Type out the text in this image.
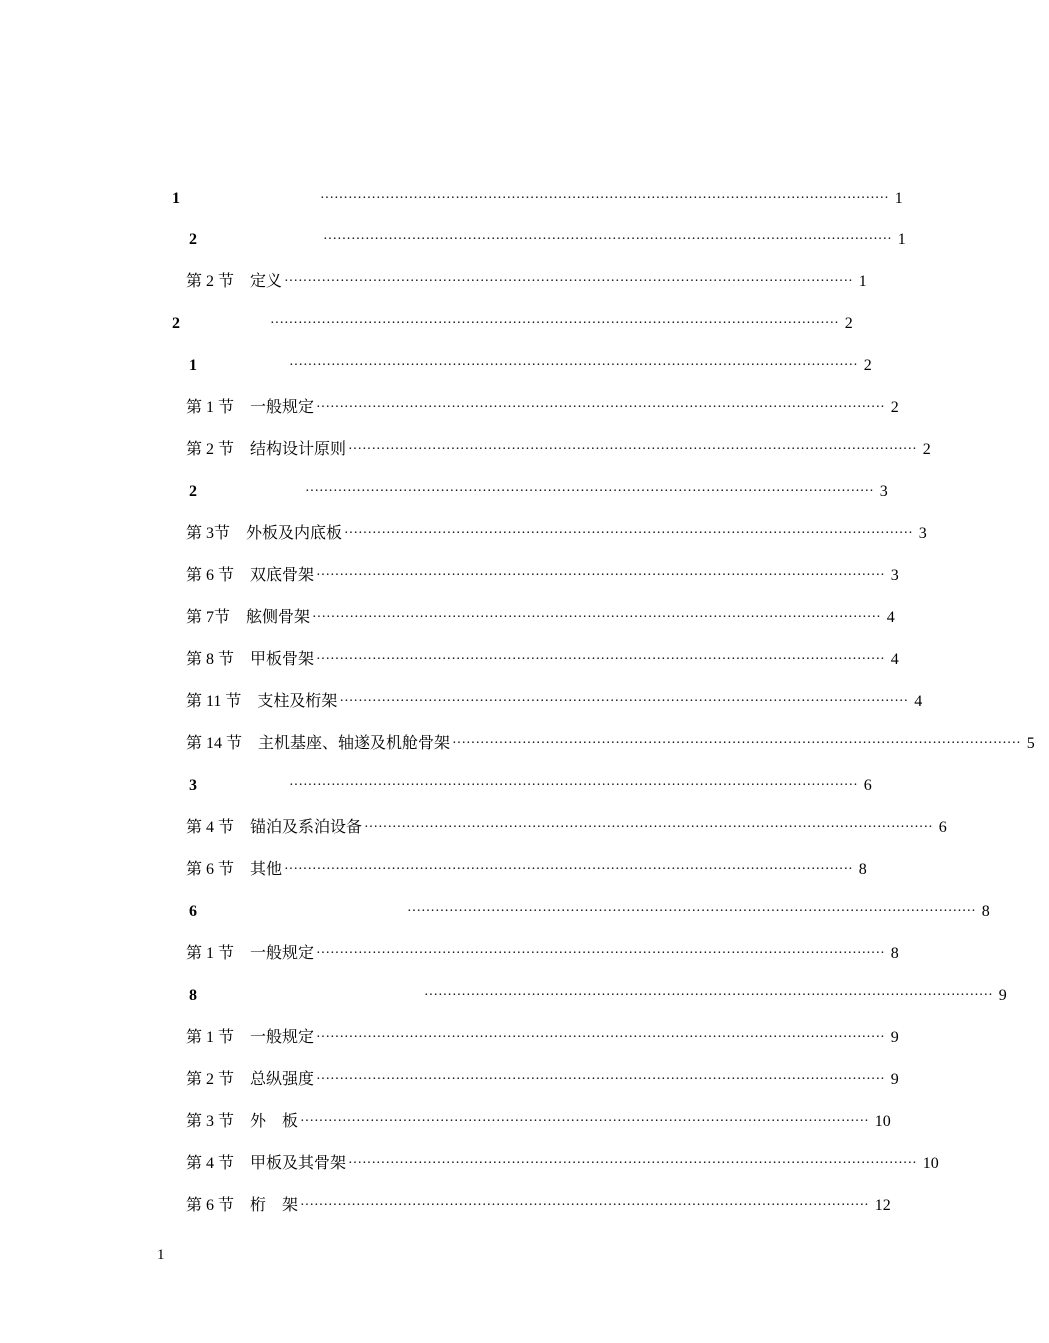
1	·························································································································· 1
2	·························································································································· 1
第 2 节　定义 ·························································································································· 1
2	·························································································································· 2
1	·························································································································· 2
第 1 节　一般规定 ·························································································································· 2
第 2 节　结构设计原则 ·························································································································· 2
2	·························································································································· 3
第 3节　外板及内底板 ·························································································································· 3
第 6 节　双底骨架 ·························································································································· 3
第 7节　舷侧骨架 ·························································································································· 4
第 8 节　甲板骨架 ·························································································································· 4
第 11 节　支柱及桁架 ·························································································································· 4
第 14 节　主机基座、轴遂及机舱骨架 ·························································································································· 5
3	·························································································································· 6
第 4 节　锚泊及系泊设备 ·························································································································· 6
第 6 节　其他 ·························································································································· 8
6	·························································································································· 8
第 1 节　一般规定 ·························································································································· 8
8	·························································································································· 9
第 1 节　一般规定 ·························································································································· 9
第 2 节　总纵强度 ·························································································································· 9
第 3 节　外　板 ·························································································································· 10
第 4 节　甲板及其骨架 ·························································································································· 10
第 6 节　桁　架 ·························································································································· 12
1
